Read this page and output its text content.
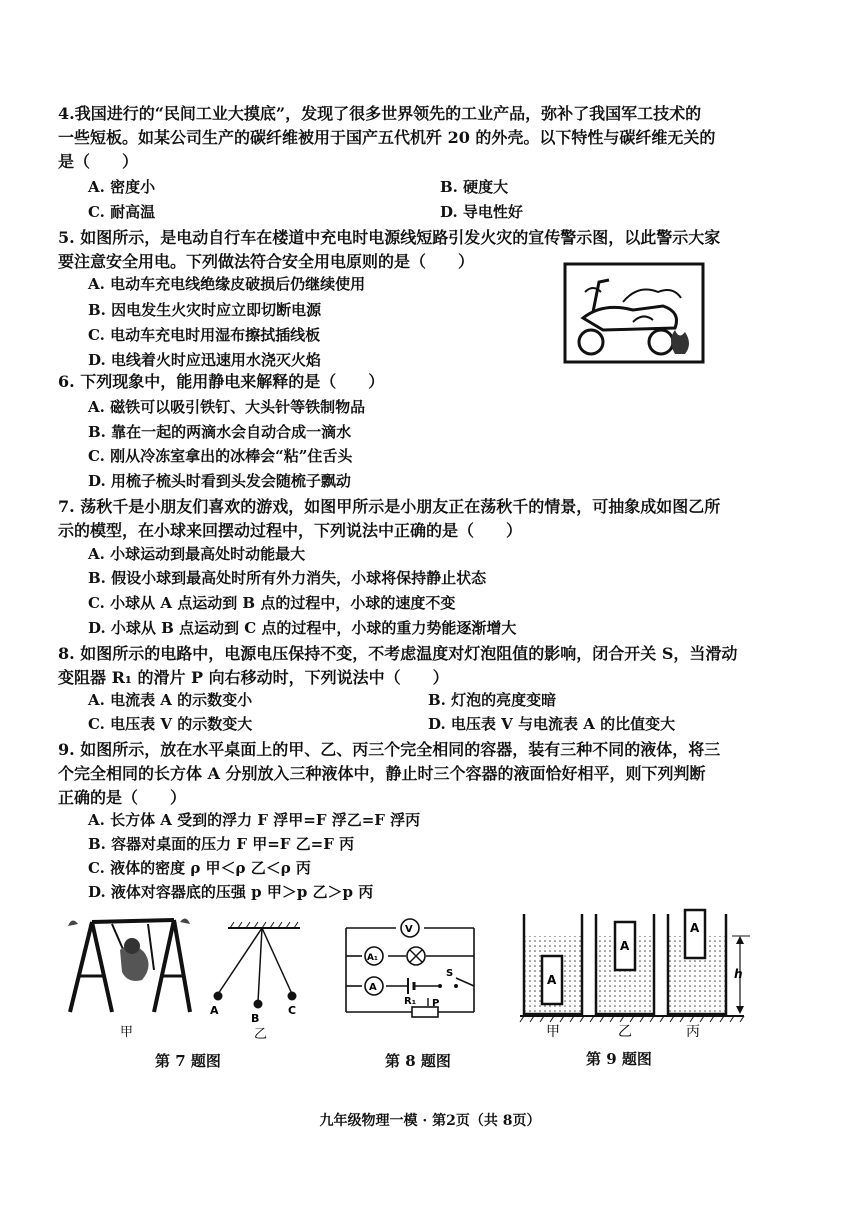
4.我国进行的“民间工业大摸底”，发现了很多世界领先的工业产品，弥补了我国军工技术的
一些短板。如某公司生产的碳纤维被用于国产五代机歼 20 的外壳。以下特性与碳纤维无关的
是（　　）
A. 密度小	B. 硬度大
C. 耐高温	D. 导电性好
5. 如图所示，是电动自行车在楼道中充电时电源线短路引发火灾的宣传警示图，以此警示大家
要注意安全用电。下列做法符合安全用电原则的是（　　）
A. 电动车充电线绝缘皮破损后仍继续使用
B. 因电发生火灾时应立即切断电源
C. 电动车充电时用湿布擦拭插线板
D. 电线着火时应迅速用水浇灭火焰
6. 下列现象中，能用静电来解释的是（　　）
A. 磁铁可以吸引铁钉、大头针等铁制物品
B. 靠在一起的两滴水会自动合成一滴水
C. 刚从冷冻室拿出的冰棒会“粘”住舌头
D. 用梳子梳头时看到头发会随梳子飘动
7. 荡秋千是小朋友们喜欢的游戏，如图甲所示是小朋友正在荡秋千的情景，可抽象成如图乙所
示的模型，在小球来回摆动过程中，下列说法中正确的是（　　）
A. 小球运动到最高处时动能最大
B. 假设小球到最高处时所有外力消失，小球将保持静止状态
C. 小球从 A 点运动到 B 点的过程中，小球的速度不变
D. 小球从 B 点运动到 C 点的过程中，小球的重力势能逐渐增大
8. 如图所示的电路中，电源电压保持不变，不考虑温度对灯泡阻值的影响，闭合开关 S，当滑动
变阻器 R₁ 的滑片 P 向右移动时，下列说法中（　　）
A. 电流表 A 的示数变小	B. 灯泡的亮度变暗
C. 电压表 V 的示数变大	D. 电压表 V 与电流表 A 的比值变大
9. 如图所示，放在水平桌面上的甲、乙、丙三个完全相同的容器，装有三种不同的液体，将三
个完全相同的长方体 A 分别放入三种液体中，静止时三个容器的液面恰好相平，则下列判断
正确的是（　　）
A. 长方体 A 受到的浮力 F 浮甲=F 浮乙=F 浮丙
B. 容器对桌面的压力 F 甲=F 乙=F 丙
C. 液体的密度 ρ 甲＜ρ 乙＜ρ 丙
D. 液体对容器底的压强 p 甲＞p 乙＞p 丙
甲
A
B
C
乙
第 7 题图
V
A₁
A
S
R₁ P
第 8 题图
A
A
A
h
甲	乙	丙
第 9 题图
九年级物理一模 · 第2页（共 8页）
